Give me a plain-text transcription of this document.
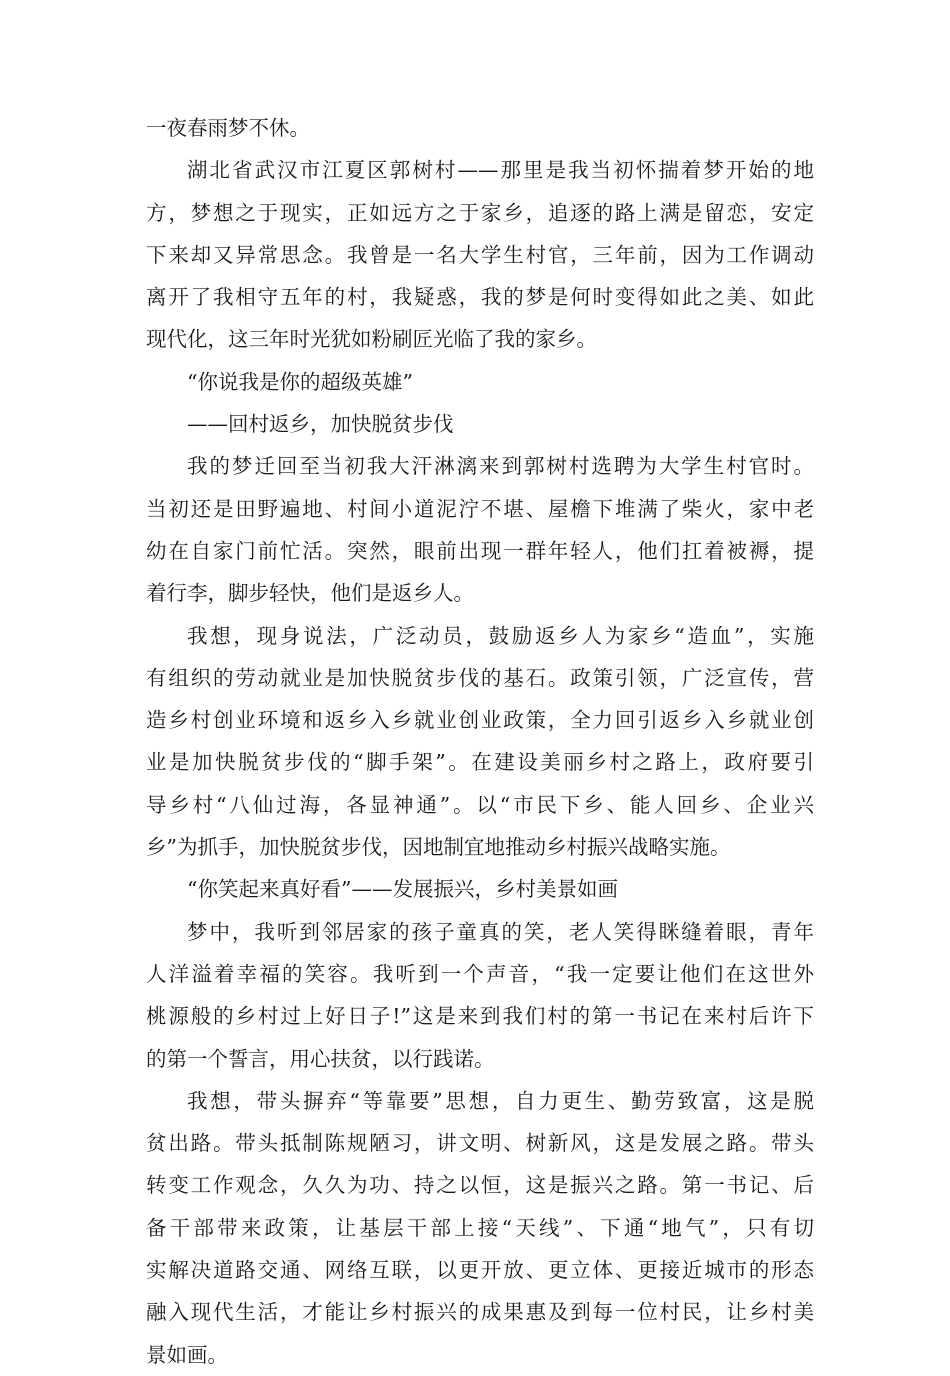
一夜春雨梦不休。
湖北省武汉市江夏区郭树村——那里是我当初怀揣着梦开始的地
方，梦想之于现实，正如远方之于家乡，追逐的路上满是留恋，安定
下来却又异常思念。我曾是一名大学生村官，三年前，因为工作调动
离开了我相守五年的村，我疑惑，我的梦是何时变得如此之美、如此
现代化，这三年时光犹如粉刷匠光临了我的家乡。
“你说我是你的超级英雄”
——回村返乡，加快脱贫步伐
我的梦迁回至当初我大汗淋漓来到郭树村选聘为大学生村官时。
当初还是田野遍地、村间小道泥泞不堪、屋檐下堆满了柴火，家中老
幼在自家门前忙活。突然，眼前出现一群年轻人，他们扛着被褥，提
着行李，脚步轻快，他们是返乡人。
我想，现身说法，广泛动员，鼓励返乡人为家乡“造血”，实施
有组织的劳动就业是加快脱贫步伐的基石。政策引领，广泛宣传，营
造乡村创业环境和返乡入乡就业创业政策，全力回引返乡入乡就业创
业是加快脱贫步伐的“脚手架”。在建设美丽乡村之路上，政府要引
导乡村“八仙过海，各显神通”。以“市民下乡、能人回乡、企业兴
乡”为抓手，加快脱贫步伐，因地制宜地推动乡村振兴战略实施。
“你笑起来真好看”——发展振兴，乡村美景如画
梦中，我听到邻居家的孩子童真的笑，老人笑得眯缝着眼，青年
人洋溢着幸福的笑容。我听到一个声音，“我一定要让他们在这世外
桃源般的乡村过上好日子!”这是来到我们村的第一书记在来村后许下
的第一个誓言，用心扶贫，以行践诺。
我想，带头摒弃“等靠要”思想，自力更生、勤劳致富，这是脱
贫出路。带头抵制陈规陋习，讲文明、树新风，这是发展之路。带头
转变工作观念，久久为功、持之以恒，这是振兴之路。第一书记、后
备干部带来政策，让基层干部上接“天线”、下通“地气”，只有切
实解决道路交通、网络互联，以更开放、更立体、更接近城市的形态
融入现代生活，才能让乡村振兴的成果惠及到每一位村民，让乡村美
景如画。
